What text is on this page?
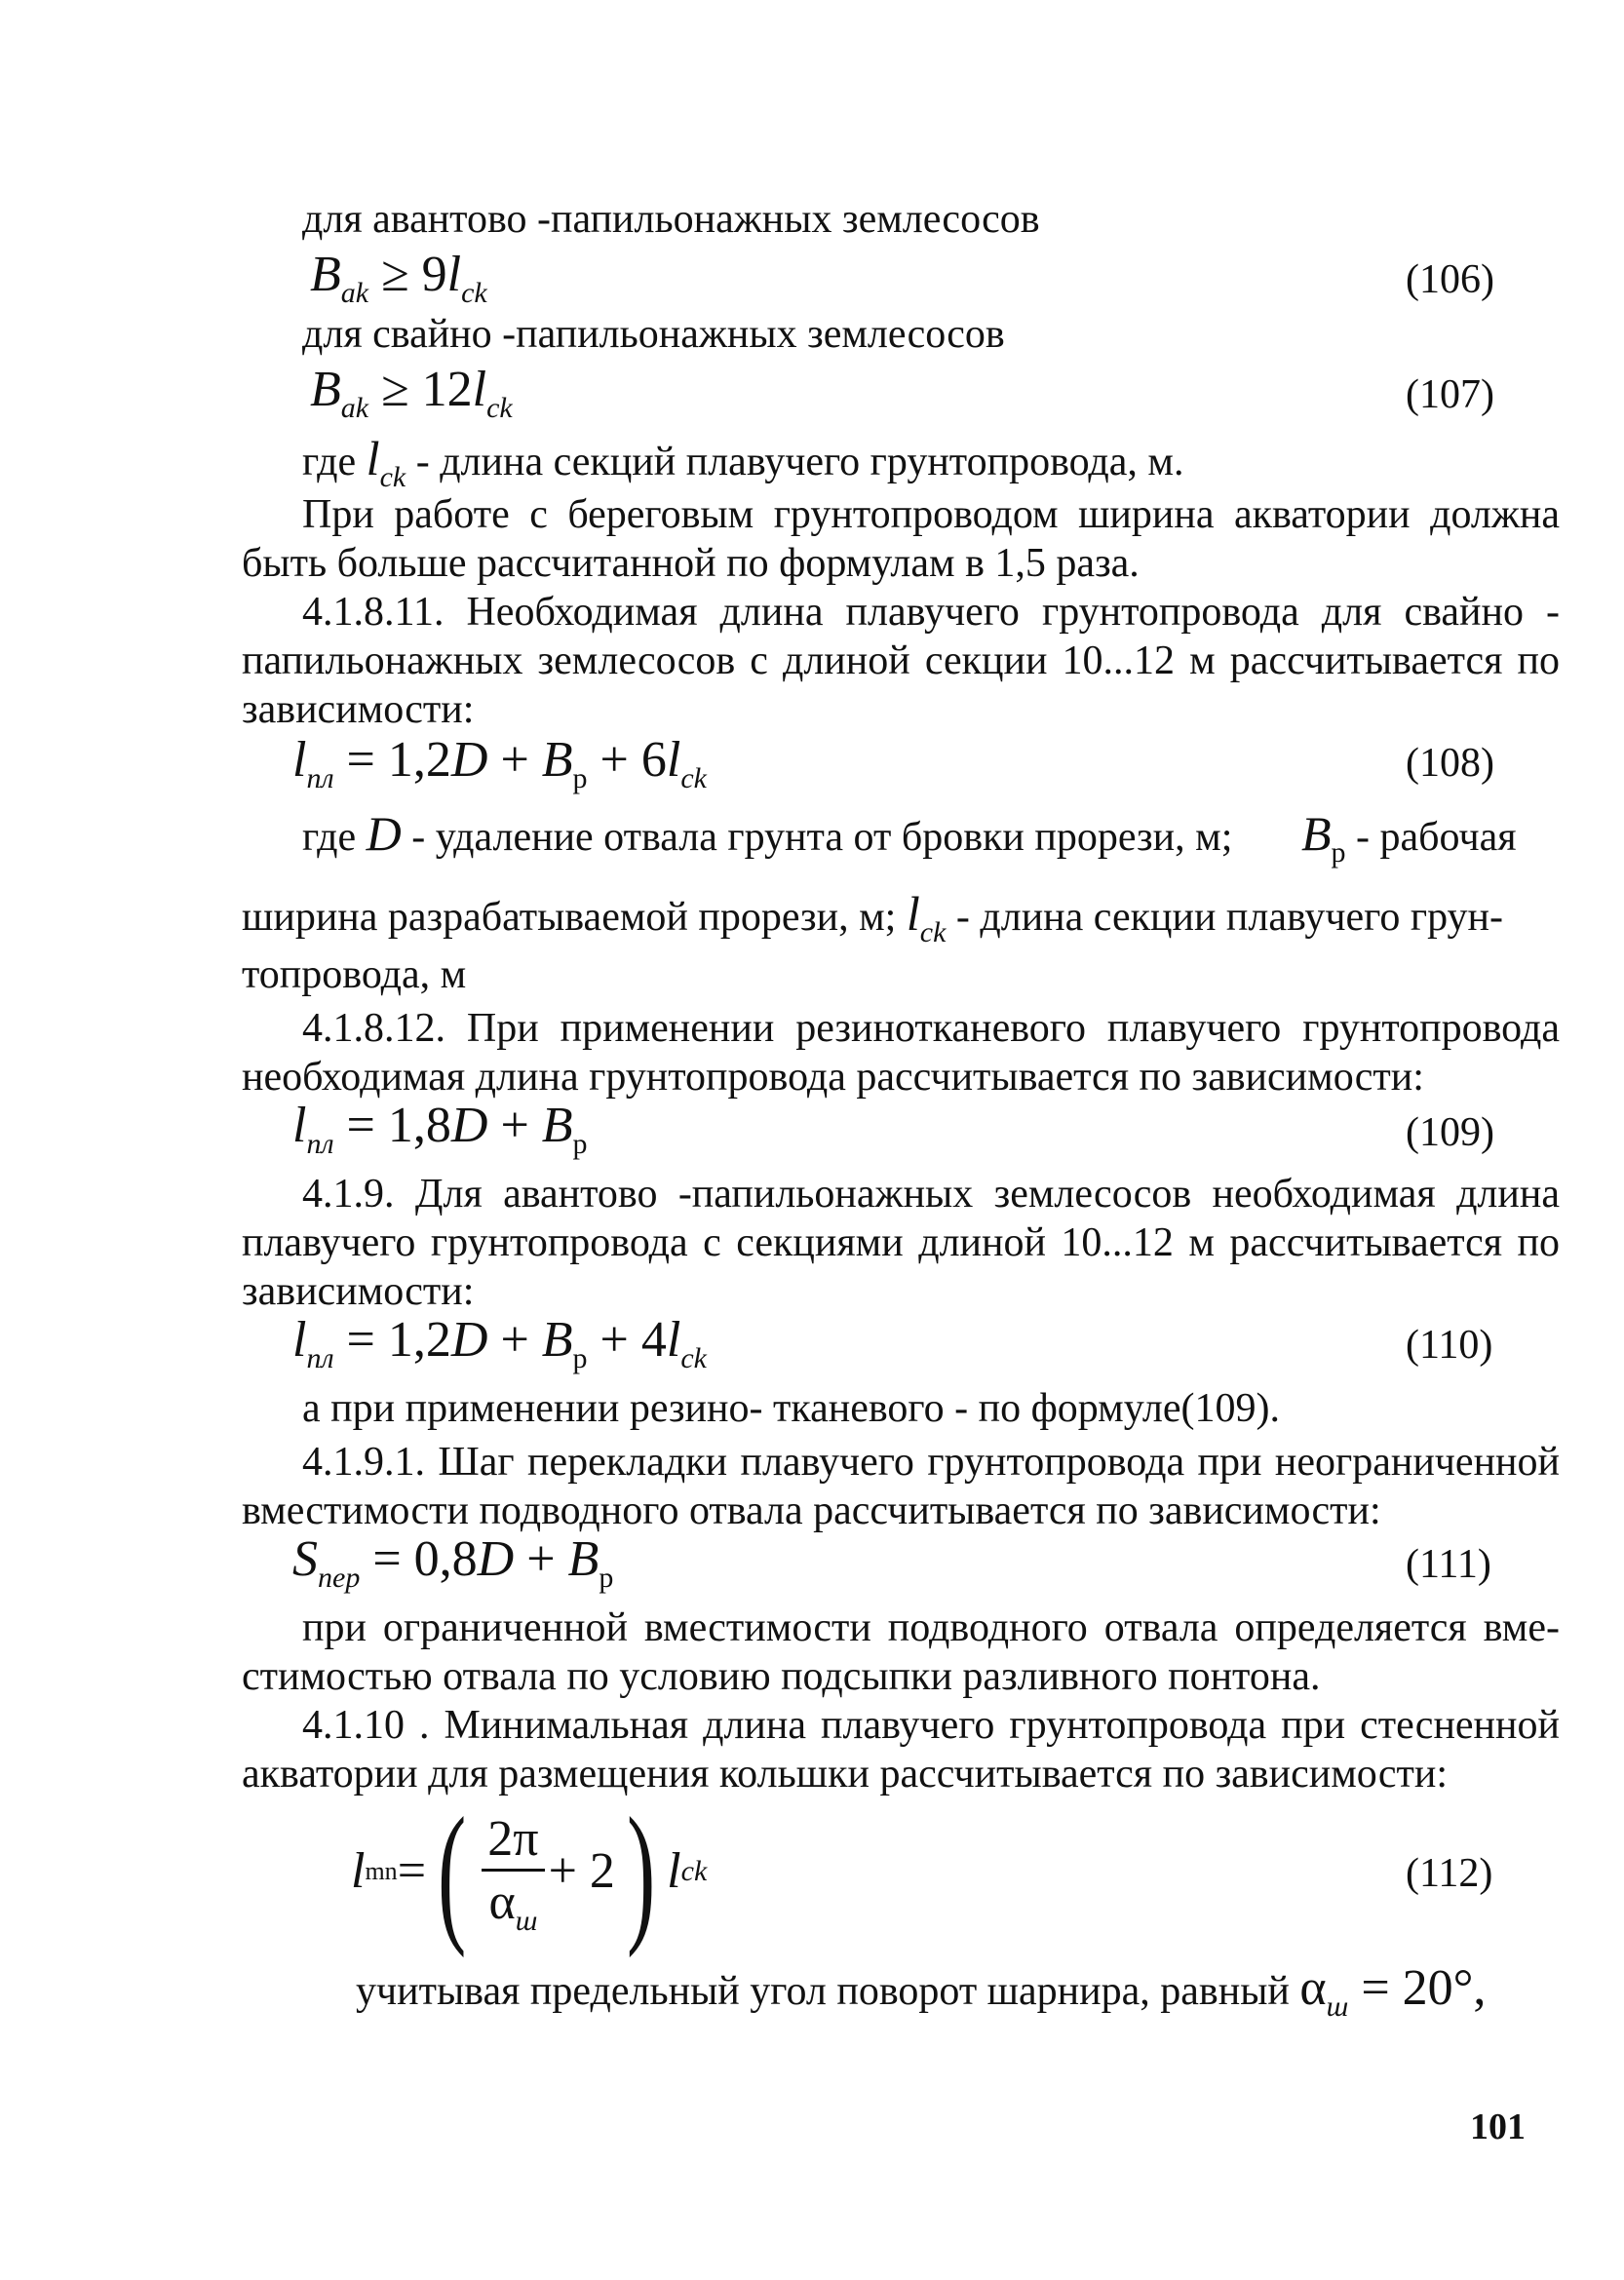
для авантово -папильонажных землесосов
$B_{ak} \ge 9l_{ck}$	(106)
для свайно -папильонажных землесосов
$B_{ak} \ge 12l_{ck}$	(107)
где $l_{ck}$ - длина секций плавучего грунтопровода, м.
При работе с береговым грунтопроводом ширина акватории должна
быть больше рассчитанной по формулам в 1,5 раза.
4.1.8.11. Необходимая длина плавучего грунтопровода для свайно -
папильонажных землесосов с длиной секции 10...12 м рассчитывается по
зависимости:
$l_{пл} = 1,2D + B_р + 6l_{ck}$	(108)
где D - удаление отвала грунта от бровки прорези, м; $B_р$ - рабочая
ширина разрабатываемой прорези, м; $l_{ck}$ - длина секции плавучего грун-
топровода, м
4.1.8.12. При применении резинотканевого плавучего грунтопровода
необходимая длина грунтопровода рассчитывается по зависимости:
$l_{пл} = 1,8D + B_р$	(109)
4.1.9. Для авантово -папильонажных землесосов необходимая длина
плавучего грунтопровода с секциями длиной 10...12 м рассчитывается по
зависимости:
$l_{пл} = 1,2D + B_р + 4l_{ck}$	(110)
а при применении резино- тканевого - по формуле(109).
4.1.9.1. Шаг перекладки плавучего грунтопровода при неограниченной
вместимости подводного отвала рассчитывается по зависимости:
$S_{пер} = 0,8D + B_р$	(111)
при ограниченной вместимости подводного отвала определяется вме-
стимостью отвала по условию подсыпки разливного понтона.
4.1.10 . Минимальная длина плавучего грунтопровода при стесненной
акватории для размещения кольшки рассчитывается по зависимости:
l mn = ( $\frac{2\pi}{\alpha_ш} + 2$ ) l ck	(112)
учитывая предельный угол поворот шарнира, равный $\alpha_ш = 20^\circ$,
101
